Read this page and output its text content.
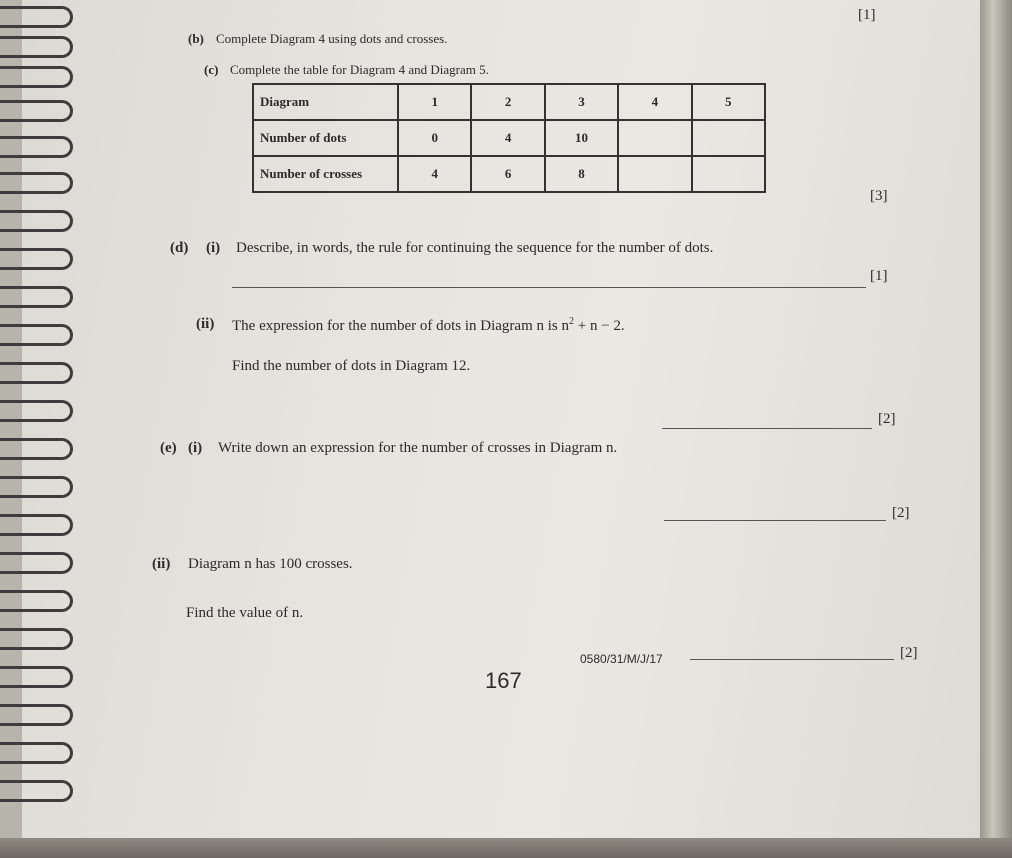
[1]
(b) Complete Diagram 4 using dots and crosses.
(c) Complete the table for Diagram 4 and Diagram 5.
Diagram	1	2	3	4	5
Number of dots	0	4	10		
Number of crosses	4	6	8		
[3]
(d) (i) Describe, in words, the rule for continuing the sequence for the number of dots.
[1]
(ii) The expression for the number of dots in Diagram n is $n^2 + n - 2$.
Find the number of dots in Diagram 12.
[2]
(e) (i) Write down an expression for the number of crosses in Diagram n.
[2]
(ii) Diagram n has 100 crosses.
Find the value of n.
[2]
0580/31/M/J/17
167
